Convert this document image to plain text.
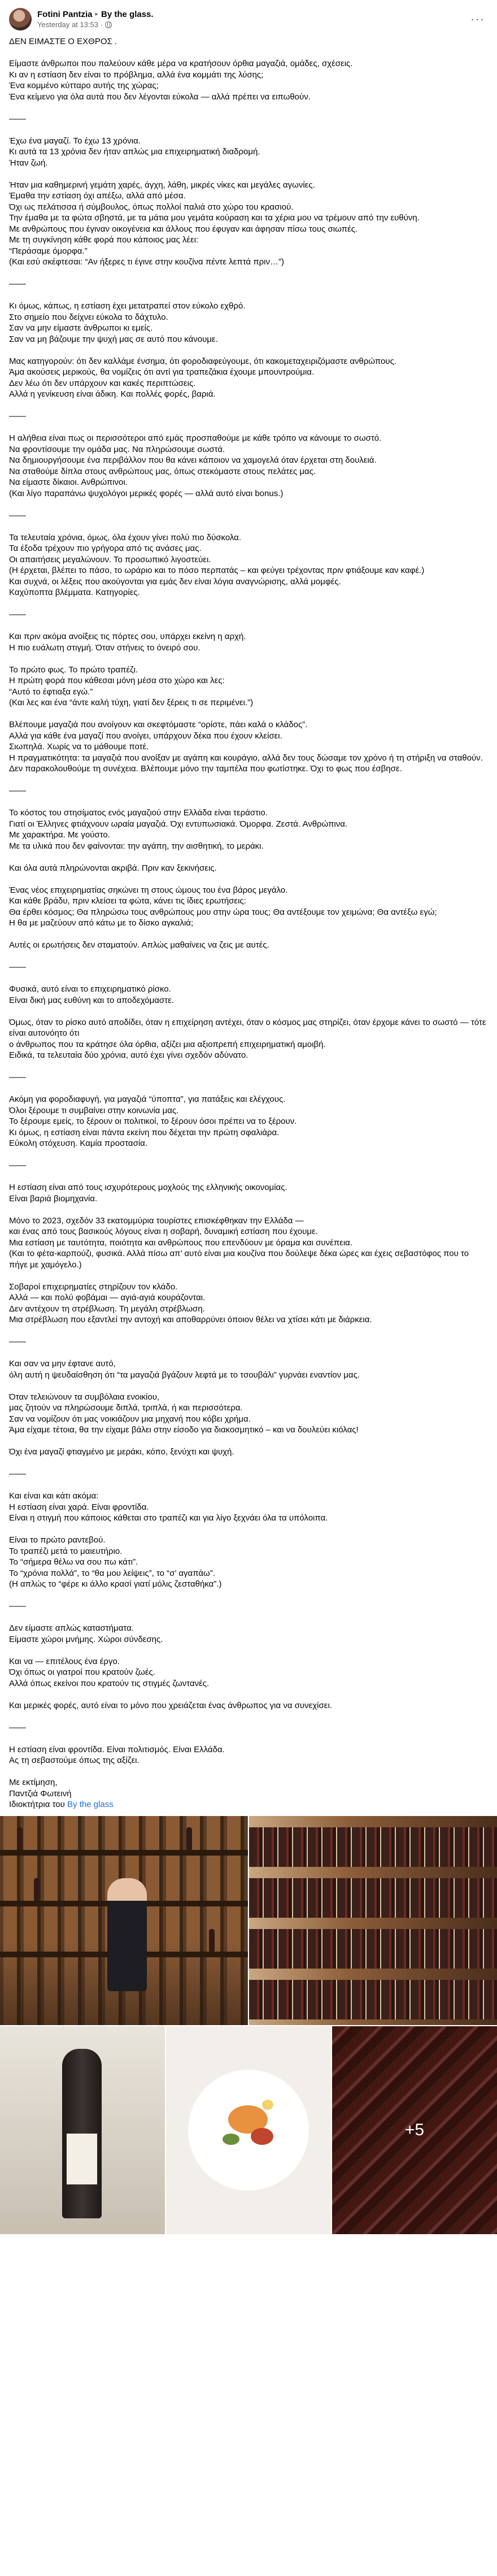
Fotini Pantzia ▸ By the glass.
Yesterday at 13:53 ·	···

ΔΕΝ ΕΙΜΑΣΤΕ Ο ΕΧΘΡΟΣ .

Είμαστε άνθρωποι που παλεύουν κάθε μέρα να κρατήσουν όρθια μαγαζιά, ομάδες, σχέσεις.

Κι αν η εστίαση δεν είναι το πρόβλημα, αλλά ένα κομμάτι της λύσης;

Ένα κομμένο κύτταρο αυτής της χώρας;

Ένα κείμενο για όλα αυτά που δεν λέγονται εύκολα — αλλά πρέπει να ειπωθούν.

——

Έχω ένα μαγαζί. Το έχω 13 χρόνια.

Κι αυτά τα 13 χρόνια δεν ήταν απλώς μια επιχειρηματική διαδρομή.

Ήταν ζωή.

Ήταν μια καθημερινή γεμάτη χαρές, άγχη, λάθη, μικρές νίκες και μεγάλες αγωνίες.

Έμαθα την εστίαση όχι απέξω, αλλά από μέσα.

Όχι ως πελάτισσα ή σύμβουλος, όπως πολλοί παλιά στο χώρο του κρασιού.

Την έμαθα με τα φώτα σβηστά, με τα μάτια μου γεμάτα κούραση και τα χέρια μου να τρέμουν από την ευθύνη.

Με ανθρώπους που έγιναν οικογένεια και άλλους που έφυγαν και άφησαν πίσω τους σιωπές.

Με τη συγκίνηση κάθε φορά που κάποιος μας λέει:

“Περάσαμε όμορφα.”

(Και εσύ σκέφτεσαι: “Αν ήξερες τι έγινε στην κουζίνα πέντε λεπτά πριν…”)

——

Κι όμως, κάπως, η εστίαση έχει μετατραπεί στον εύκολο εχθρό.

Στο σημείο που δείχνει εύκολα το δάχτυλο.

Σαν να μην είμαστε άνθρωποι κι εμείς.

Σαν να μη βάζουμε την ψυχή μας σε αυτό που κάνουμε.

Μας κατηγορούν: ότι δεν καλλάμε ένσημα, ότι φοροδιαφεύγουμε, ότι κακομεταχειριζόμαστε ανθρώπους.

Άμα ακούσεις μερικούς, θα νομίζεις ότι αντί για τραπεζάκια έχουμε μπουντρούμια.

Δεν λέω ότι δεν υπάρχουν και κακές περιπτώσεις.

Αλλά η γενίκευση είναι άδικη. Και πολλές φορές, βαριά.

——

Η αλήθεια είναι πως οι περισσότεροι από εμάς προσπαθούμε με κάθε τρόπο να κάνουμε το σωστό.

Να φροντίσουμε την ομάδα μας. Να πληρώσουμε σωστά.

Να δημιουργήσουμε ένα περιβάλλον που θα κάνει κάποιον να χαμογελά όταν έρχεται στη δουλειά.

Να σταθούμε δίπλα στους ανθρώπους μας, όπως στεκόμαστε στους πελάτες μας.

Να είμαστε δίκαιοι. Ανθρώπινοι.

(Και λίγο παραπάνω ψυχολόγοι μερικές φορές — αλλά αυτό είναι bonus.)

——

Τα τελευταία χρόνια, όμως, όλα έχουν γίνει πολύ πιο δύσκολα.

Τα έξοδα τρέχουν πιο γρήγορα από τις ανάσες μας.

Οι απαιτήσεις μεγαλώνουν. Το προσωπικό λιγοστεύει.

(Η έρχεται, βλέπει το πάσο, το ωράριο και το πόσο περπατάς – και φεύγει τρέχοντας πριν φτιάξουμε καν καφέ.)

Και συχνά, οι λέξεις που ακούγονται για εμάς δεν είναι λόγια αναγνώρισης, αλλά μομφές.

Καχύποπτα βλέμματα. Κατηγορίες.

——

Και πριν ακόμα ανοίξεις τις πόρτες σου, υπάρχει εκείνη η αρχή.

Η πιο ευάλωτη στιγμή. Όταν στήνεις το όνειρό σου.

Το πρώτο φως. Το πρώτο τραπέζι.

Η πρώτη φορά που κάθεσαι μόνη μέσα στο χώρο και λες:

“Αυτό το έφτιαξα εγώ.”

(Και λες και ένα “άντε καλή τύχη, γιατί δεν ξέρεις τι σε περιμένει.”)

Βλέπουμε μαγαζιά που ανοίγουν και σκεφτόμαστε “ορίστε, πάει καλά ο κλάδος”.

Αλλά για κάθε ένα μαγαζί που ανοίγει, υπάρχουν δέκα που έχουν κλείσει.

Σιωπηλά. Χωρίς να το μάθουμε ποτέ.

Η πραγματικότητα: τα μαγαζιά που ανοίξαν με αγάπη και κουράγιο, αλλά δεν τους δώσαμε τον χρόνο ή τη στήριξη να σταθούν.

Δεν παρακολουθούμε τη συνέχεια. Βλέπουμε μόνο την ταμπέλα που φωτίστηκε. Όχι το φως που έσβησε.

——

Το κόστος του στησίματος ενός μαγαζιού στην Ελλάδα είναι τεράστιο.

Γιατί οι Έλληνες φτιάχνουν ωραία μαγαζιά. Όχι εντυπωσιακά. Όμορφα. Ζεστά. Ανθρώπινα.

Με χαρακτήρα. Με γούστο.

Με τα υλικά που δεν φαίνονται: την αγάπη, την αισθητική, το μεράκι.

Και όλα αυτά πληρώνονται ακριβά. Πριν καν ξεκινήσεις.

Ένας νέος επιχειρηματίας σηκώνει τη στους ώμους του ένα βάρος μεγάλο.

Και κάθε βράδυ, πριν κλείσει τα φώτα, κάνει τις ίδιες ερωτήσεις:

Θα έρθει κόσμος; Θα πληρώσω τους ανθρώπους μου στην ώρα τους; Θα αντέξουμε τον χειμώνα; Θα αντέξω εγώ;

Η θα με μαζεύουν από κάτω με το δίσκο αγκαλιά;

Αυτές οι ερωτήσεις δεν σταματούν. Απλώς μαθαίνεις να ζεις με αυτές.

——

Φυσικά, αυτό είναι το επιχειρηματικό ρίσκο.

Είναι δική μας ευθύνη και το αποδεχόμαστε.

Όμως, όταν το ρίσκο αυτό αποδίδει, όταν η επιχείρηση αντέχει, όταν ο κόσμος μας στηρίζει, όταν έρχομε κάνει το σωστό — τότε είναι αυτονόητο ότι

ο άνθρωπος που τα κράτησε όλα όρθια, αξίζει μια αξιοπρεπή επιχειρηματική αμοιβή.

Ειδικά, τα τελευταία δύο χρόνια, αυτό έχει γίνει σχεδόν αδύνατο.

——

Ακόμη για φοροδιαφυγή, για μαγαζιά “ύποπτα”, για πατάξεις και ελέγχους.

Όλοι ξέρουμε τι συμβαίνει στην κοινωνία μας.

Το ξέρουμε εμείς, το ξέρουν οι πολιτικοί, το ξέρουν όσοι πρέπει να το ξέρουν.

Κι όμως, η εστίαση είναι πάντα εκείνη που δέχεται την πρώτη σφαλιάρα.

Εύκολη στόχευση. Καμία προστασία.

——

Η εστίαση είναι από τους ισχυρότερους μοχλούς της ελληνικής οικονομίας.

Είναι βαριά βιομηχανία.

Μόνο το 2023, σχεδόν 33 εκατομμύρια τουρίστες επισκέφθηκαν την Ελλάδα —

και ένας από τους βασικούς λόγους είναι η σοβαρή, δυναμική εστίαση που έχουμε.

Μια εστίαση με ταυτότητα, ποιότητα και ανθρώπους που επενδύουν με όραμα και συνέπεια.

(Και το φέτα-καρπούζι, φυσικά. Αλλά πίσω απ’ αυτό είναι μια κουζίνα που δούλεψε δέκα ώρες και έχεις σεβαστόφος που το πήγε με χαμόγελο.)

Σοβαροί επιχειρηματίες στηρίζουν τον κλάδο.

Αλλά — και πολύ φοβάμαι — αγιά-αγιά κουράζονται.

Δεν αντέχουν τη στρέβλωση. Τη μεγάλη στρέβλωση.

Μια στρέβλωση που εξαντλεί την αντοχή και αποθαρρύνει όποιον θέλει να χτίσει κάτι με διάρκεια.

——

Και σαν να μην έφτανε αυτό,

όλη αυτή η ψευδαίσθηση ότι “τα μαγαζιά βγάζουν λεφτά με το τσουβάλι” γυρνάει εναντίον μας.

Όταν τελειώνουν τα συμβόλαια ενοικίου,

μας ζητούν να πληρώσουμε διπλά, τριπλά, ή και περισσότερα.

Σαν να νομίζουν ότι μας νοικιάζουν μια μηχανή που κόβει χρήμα.

Άμα είχαμε τέτοια, θα την είχαμε βάλει στην είσοδο για διακοσμητικό – και να δουλεύει κιόλας!

Όχι ένα μαγαζί φτιαγμένο με μεράκι, κόπο, ξενύχτι και ψυχή.

——

Και είναι και κάτι ακόμα:

Η εστίαση είναι χαρά. Είναι φροντίδα.

Είναι η στιγμή που κάποιος κάθεται στο τραπέζι και για λίγο ξεχνάει όλα τα υπόλοιπα.

Είναι το πρώτο ραντεβού.

Το τραπέζι μετά το μαιευτήριο.

Το “σήμερα θέλω να σου πω κάτι”.

Το “χρόνια πολλά”, το “θα μου λείψεις”, το “σ’ αγαπάω”.

(Η απλώς το “φέρε κι άλλο κρασί γιατί μόλις ζεσταθήκα”.)

——

Δεν είμαστε απλώς καταστήματα.

Είμαστε χώροι μνήμης. Χώροι σύνδεσης.

Και να — επιτέλους ένα έργο.

Όχι όπως οι γιατροί που κρατούν ζωές.

Αλλά όπως εκείνοι που κρατούν τις στιγμές ζωντανές.

Και μερικές φορές, αυτό είναι το μόνο που χρειάζεται ένας άνθρωπος για να συνεχίσει.

——

Η εστίαση είναι φροντίδα. Είναι πολιτισμός. Είναι Ελλάδα.

Ας τη σεβαστούμε όπως της αξίζει.

Με εκτίμηση,

Παντζιά Φωτεινή

Ιδιοκτήτρια του By the glass

+5
